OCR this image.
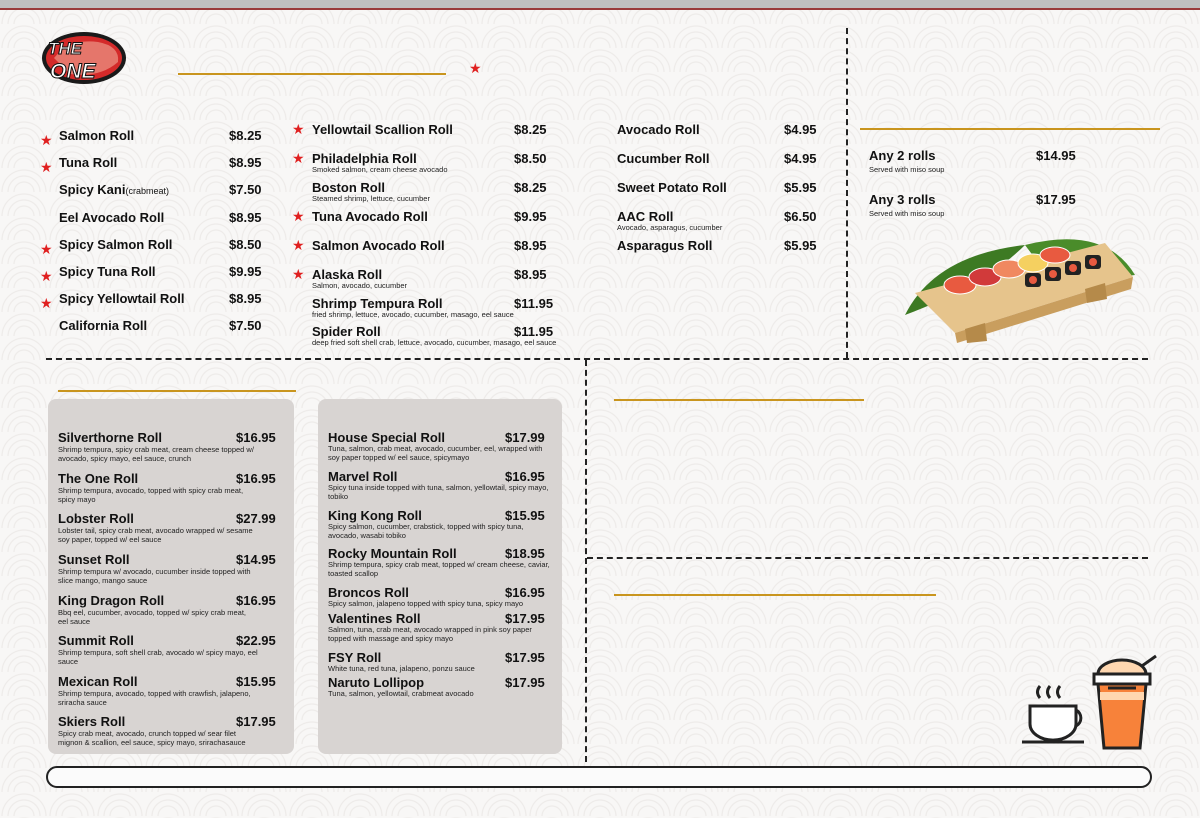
THE
ONE	★
★ Salmon Roll	$8.25
★ Tuna Roll	$8.95
Spicy Kani(crabmeat)	$7.50
Eel Avocado Roll	$8.95
★ Spicy Salmon Roll	$8.50
★ Spicy Tuna Roll	$9.95
★ Spicy Yellowtail Roll	$8.95
California Roll	$7.50
★ Yellowtail Scallion Roll	$8.25
★ Philadelphia Roll	$8.50
Smoked salmon, cream cheese avocado
Boston Roll	$8.25
Steamed shrimp, lettuce, cucumber
★ Tuna Avocado Roll	$9.95
★ Salmon Avocado Roll	$8.95
★ Alaska Roll	$8.95
Salmon, avocado, cucumber
Shrimp Tempura Roll	$11.95
fried shrimp, lettuce, avocado, cucumber, masago, eel sauce
Spider Roll	$11.95
deep fried soft shell crab, lettuce, avocado, cucumber, masago, eel sauce
Avocado Roll	$4.95
Cucumber Roll	$4.95
Sweet Potato Roll	$5.95
AAC Roll	$6.50
Avocado, asparagus, cucumber
Asparagus Roll	$5.95
Any 2 rolls	$14.95
Served with miso soup
Any 3 rolls	$17.95
Served with miso soup
Silverthorne Roll	$16.95
Shrimp tempura, spicy crab meat, cream cheese topped w/ avocado, spicy mayo, eel sauce, crunch
The One Roll	$16.95
Shrimp tempura, avocado, topped with spicy crab meat, spicy mayo
Lobster Roll	$27.99
Lobster tail, spicy crab meat, avocado wrapped w/ sesame soy paper, topped w/ eel sauce
Sunset Roll	$14.95
Shrimp tempura w/ avocado, cucumber inside topped with slice mango, mango sauce
King Dragon Roll	$16.95
Bbq eel, cucumber, avocado, topped w/ spicy crab meat, eel sauce
Summit Roll	$22.95
Shrimp tempura, soft shell crab, avocado w/ spicy mayo, eel sauce
Mexican Roll	$15.95
Shrimp tempura, avocado, topped with crawfish, jalapeno, sriracha sauce
Skiers Roll	$17.95
Spicy crab meat, avocado, crunch topped w/ sear filet mignon & scallion, eel sauce, spicy mayo, srirachasauce
House Special Roll	$17.99
Tuna, salmon, crab meat, avocado, cucumber, eel, wrapped with soy paper topped w/ eel sauce, spicymayo
Marvel Roll	$16.95
Spicy tuna inside topped with tuna, salmon, yellowtail, spicy mayo, tobiko
King Kong Roll	$15.95
Spicy salmon, cucumber, crabstick, topped with spicy tuna, avocado, wasabi tobiko
Rocky Mountain Roll	$18.95
Shrimp tempura, spicy crab meat, topped w/ cream cheese, caviar, toasted scallop
Broncos Roll	$16.95
Spicy salmon, jalapeno topped with spicy tuna, spicy mayo
Valentines Roll	$17.95
Salmon, tuna, crab meat, avocado wrapped in pink soy paper topped with massage and spicy mayo
FSY Roll	$17.95
White tuna, red tuna, jalapeno, ponzu sauce
Naruto Lollipop	$17.95
Tuna, salmon, yellowtail, crabmeat avocado
